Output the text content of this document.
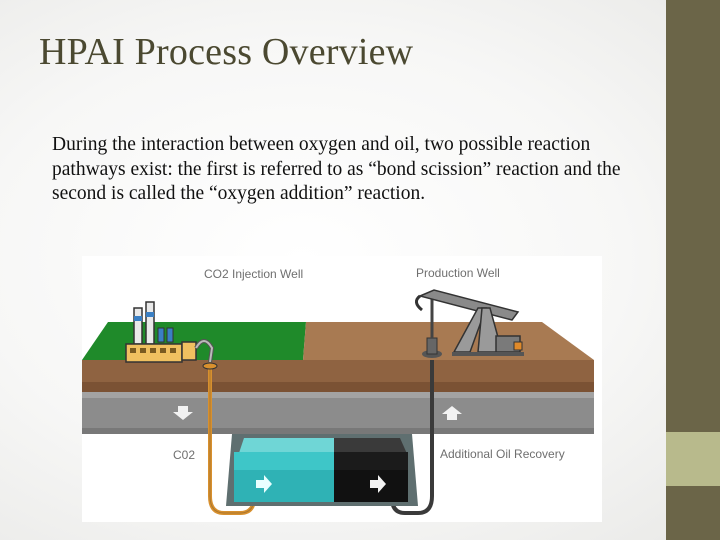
HPAI Process Overview

During the interaction between oxygen and oil, two possible reaction pathways exist: the first is referred to as “bond scission” reaction and the second is called the “oxygen addition” reaction.

CO2 Injection Well	Production Well
C02	Additional Oil Recovery
